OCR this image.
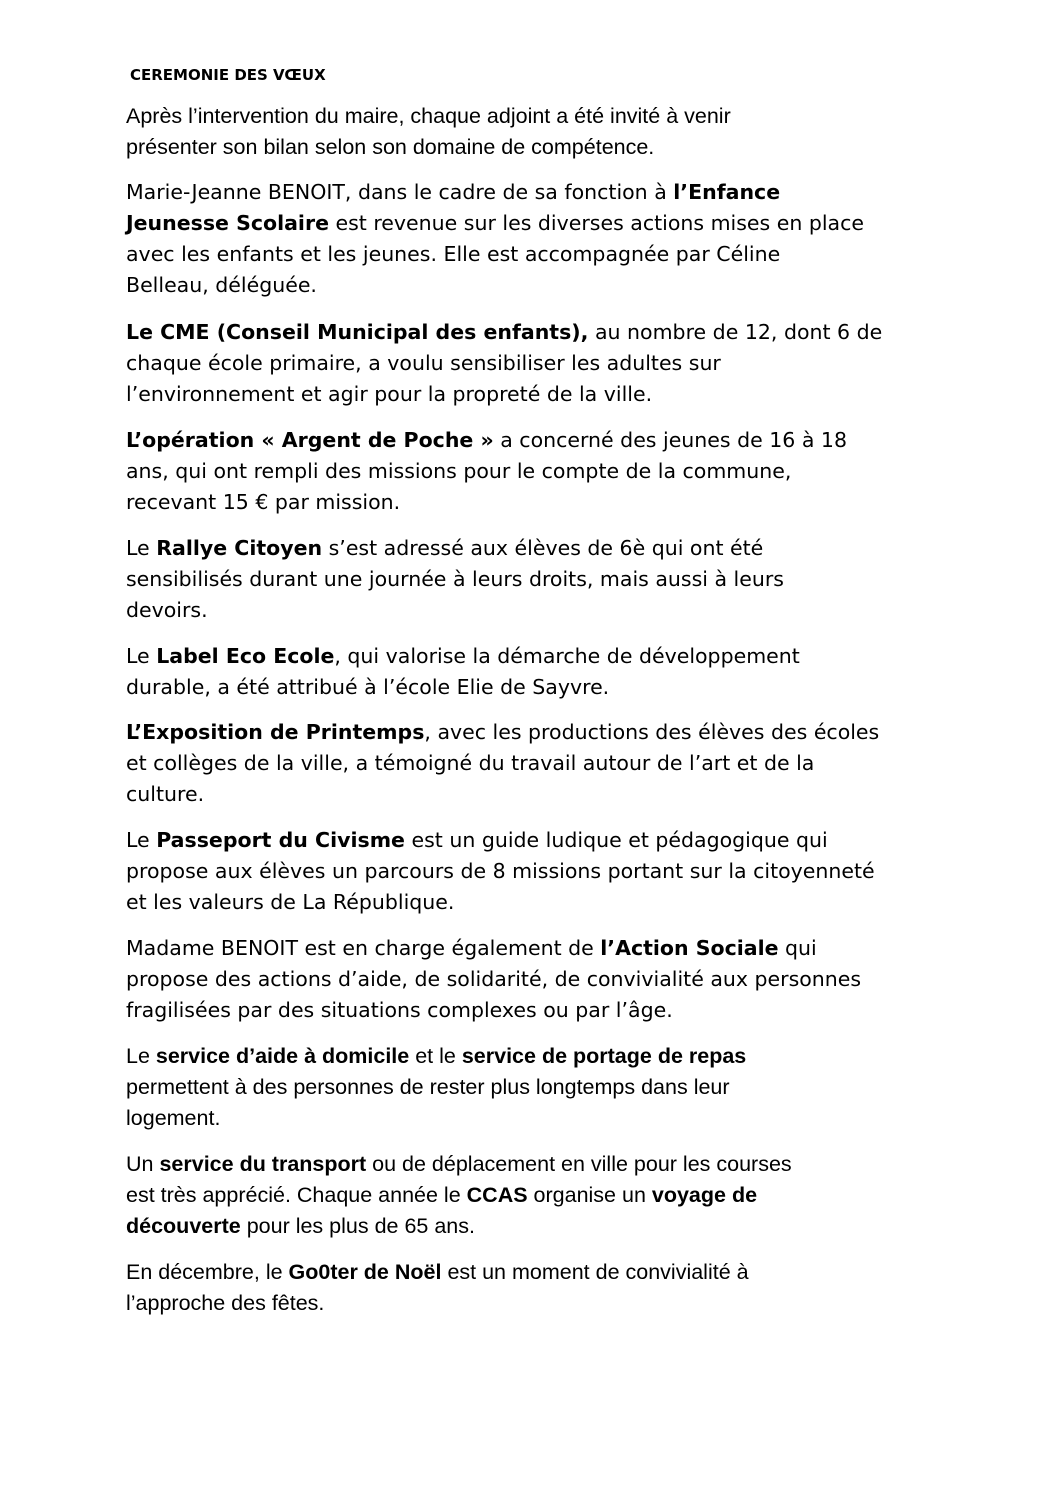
CEREMONIE DES VŒUX

Après l’intervention du maire, chaque adjoint a été invité à venir
présenter son bilan selon son domaine de compétence.

Marie-Jeanne BENOIT, dans le cadre de sa fonction à l’Enfance
Jeunesse Scolaire est revenue sur les diverses actions mises en place
avec les enfants et les jeunes. Elle est accompagnée par Céline
Belleau, déléguée.

Le CME (Conseil Municipal des enfants), au nombre de 12, dont 6 de
chaque école primaire, a voulu sensibiliser les adultes sur
l’environnement et agir pour la propreté de la ville.

L’opération « Argent de Poche » a concerné des jeunes de 16 à 18
ans, qui ont rempli des missions pour le compte de la commune,
recevant 15 € par mission.

Le Rallye Citoyen s’est adressé aux élèves de 6è qui ont été
sensibilisés durant une journée à leurs droits, mais aussi à leurs
devoirs.

Le Label Eco Ecole, qui valorise la démarche de développement
durable, a été attribué à l’école Elie de Sayvre.

L’Exposition de Printemps, avec les productions des élèves des écoles
et collèges de la ville, a témoigné du travail autour de l’art et de la
culture.

Le Passeport du Civisme est un guide ludique et pédagogique qui
propose aux élèves un parcours de 8 missions portant sur la citoyenneté
et les valeurs de La République.

Madame BENOIT est en charge également de l’Action Sociale qui
propose des actions d’aide, de solidarité, de convivialité aux personnes
fragilisées par des situations complexes ou par l’âge.

Le service d’aide à domicile et le service de portage de repas
permettent à des personnes de rester plus longtemps dans leur
logement.

Un service du transport ou de déplacement en ville pour les courses
est très apprécié. Chaque année le CCAS organise un voyage de
découverte pour les plus de 65 ans.

En décembre, le Go0ter de Noël est un moment de convivialité à
l’approche des fêtes.
